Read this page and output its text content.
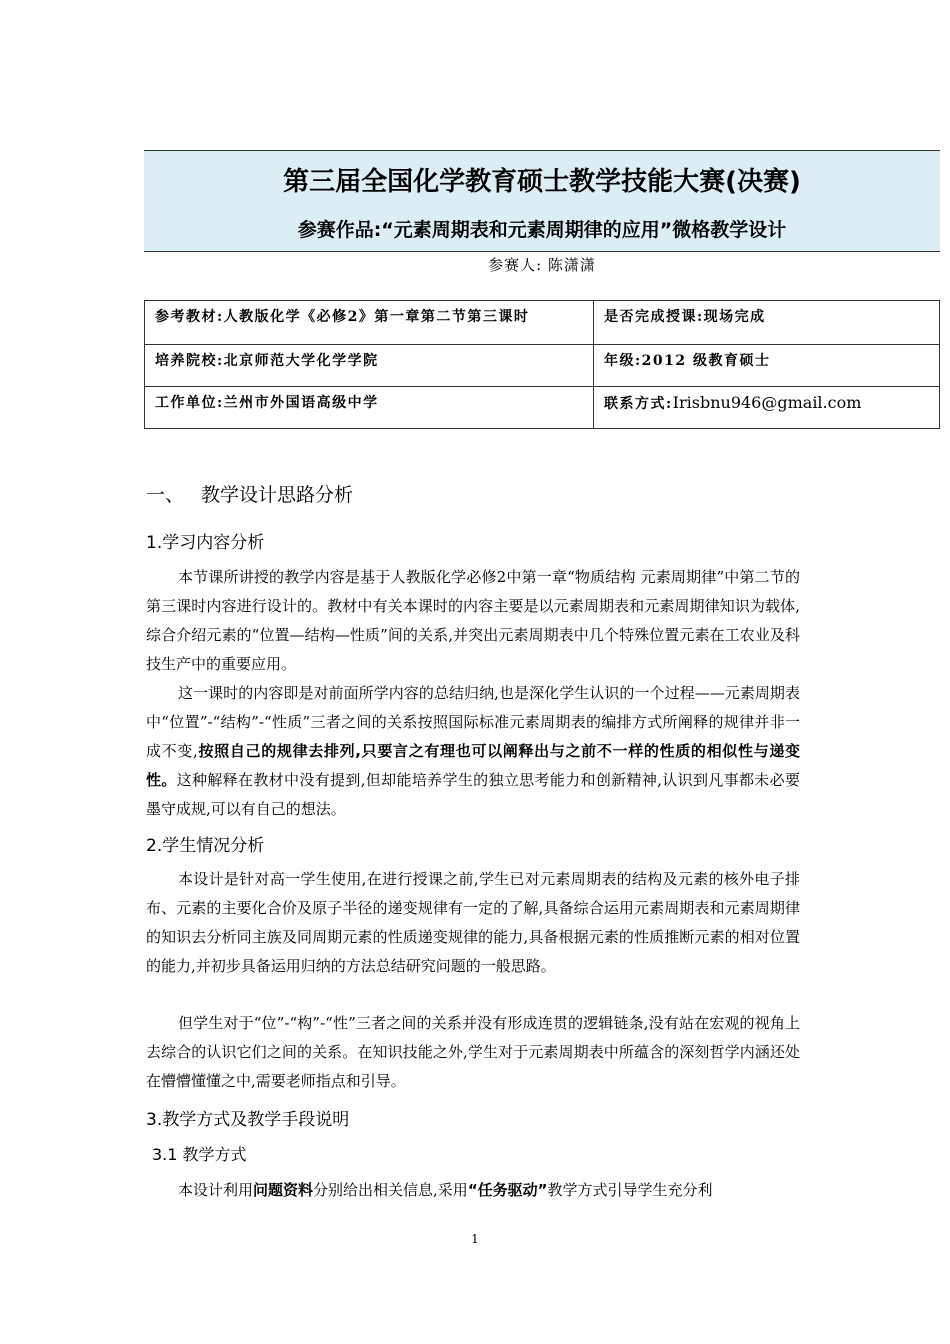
第三届全国化学教育硕士教学技能大赛(决赛)
参赛作品:“元素周期表和元素周期律的应用”微格教学设计
参赛人: 陈潇潇
参考教材:人教版化学《必修2》第一章第二节第三课时	是否完成授课:现场完成
培养院校:北京师范大学化学学院	年级:2012 级教育硕士
工作单位:兰州市外国语高级中学	联系方式:Irisbnu946@gmail.com
一、 教学设计思路分析
1.学习内容分析
本节课所讲授的教学内容是基于人教版化学必修2中第一章“物质结构 元素周期律”中第二节的第三课时内容进行设计的。教材中有关本课时的内容主要是以元素周期表和元素周期律知识为载体,综合介绍元素的“位置—结构—性质”间的关系,并突出元素周期表中几个特殊位置元素在工农业及科技生产中的重要应用。
这一课时的内容即是对前面所学内容的总结归纳,也是深化学生认识的一个过程——元素周期表中“位置”-“结构”-“性质”三者之间的关系按照国际标准元素周期表的编排方式所阐释的规律并非一成不变,按照自己的规律去排列,只要言之有理也可以阐释出与之前不一样的性质的相似性与递变性。这种解释在教材中没有提到,但却能培养学生的独立思考能力和创新精神,认识到凡事都未必要墨守成规,可以有自己的想法。
2.学生情况分析
本设计是针对高一学生使用,在进行授课之前,学生已对元素周期表的结构及元素的核外电子排布、元素的主要化合价及原子半径的递变规律有一定的了解,具备综合运用元素周期表和元素周期律的知识去分析同主族及同周期元素的性质递变规律的能力,具备根据元素的性质推断元素的相对位置的能力,并初步具备运用归纳的方法总结研究问题的一般思路。
但学生对于“位”-“构”-“性”三者之间的关系并没有形成连贯的逻辑链条,没有站在宏观的视角上去综合的认识它们之间的关系。在知识技能之外,学生对于元素周期表中所蕴含的深刻哲学内涵还处在懵懵懂懂之中,需要老师指点和引导。
3.教学方式及教学手段说明
3.1 教学方式
本设计利用问题资料分别给出相关信息,采用“任务驱动”教学方式引导学生充分利
1
